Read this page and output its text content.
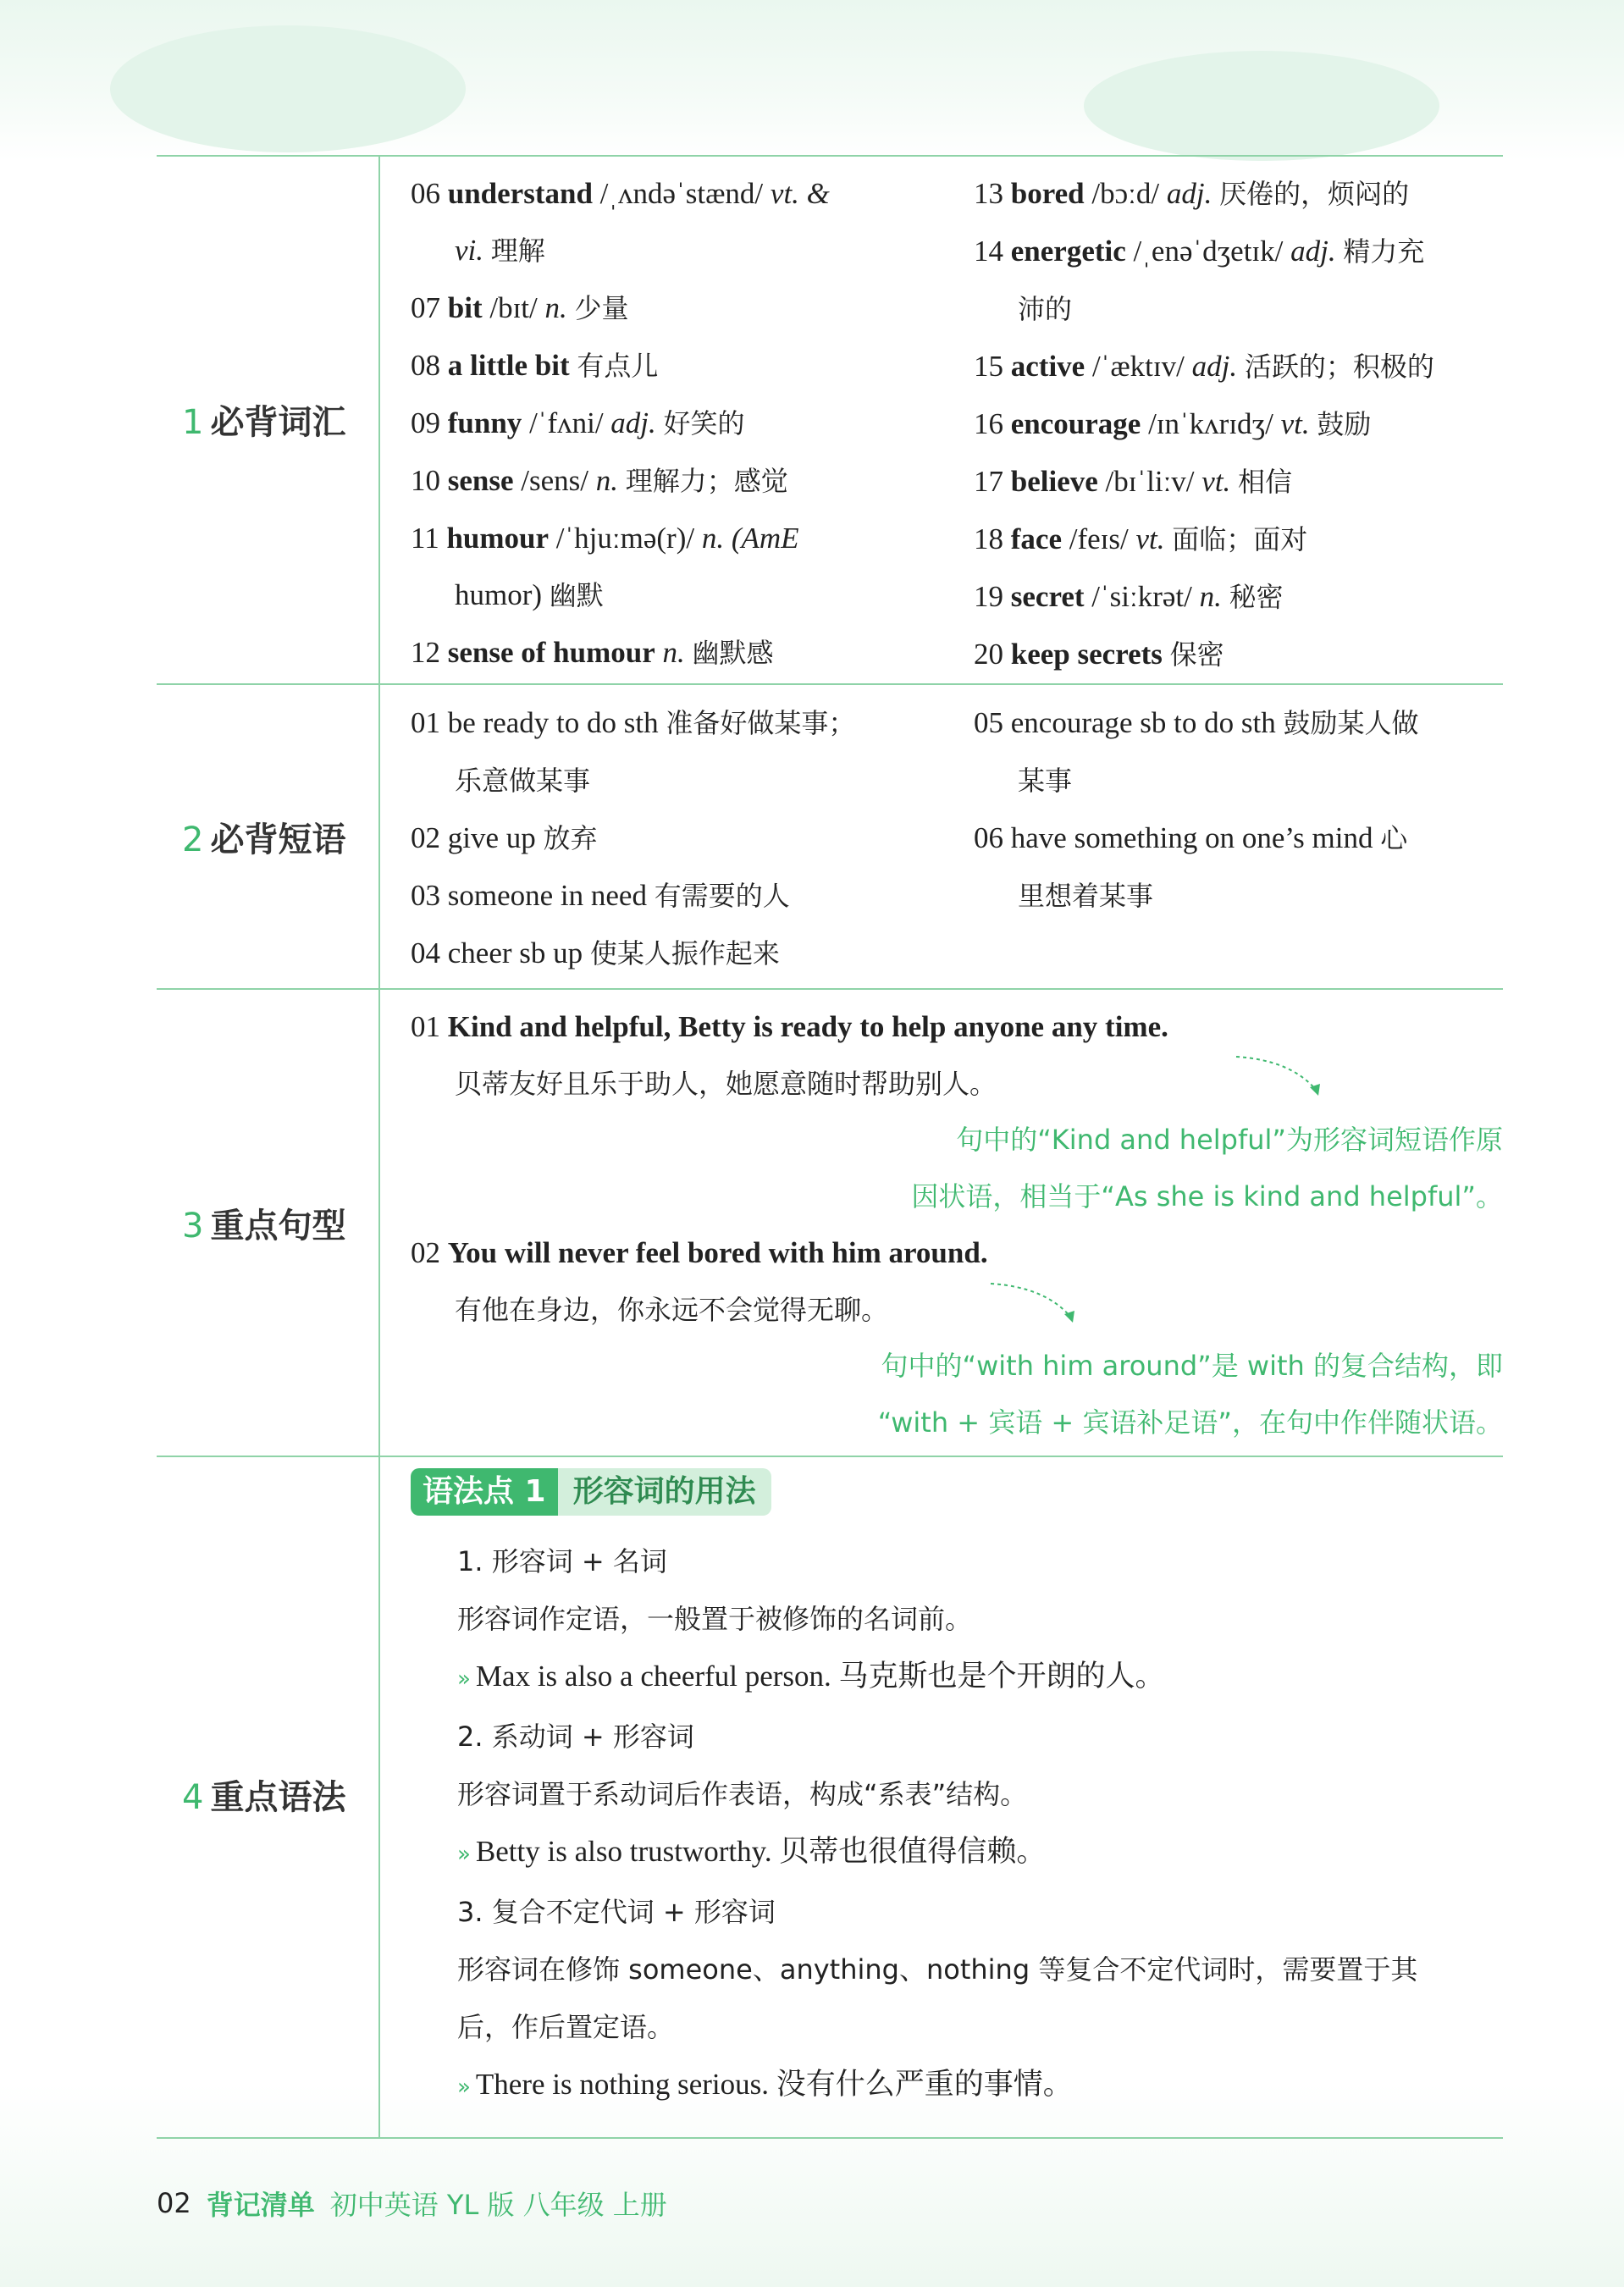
1 必背词汇
2 必背短语
3 重点句型
4 重点语法
06 understand /ˌʌndəˈstænd/ vt. &
vi. 理解
07 bit /bɪt/ n. 少量
08 a little bit 有点儿
09 funny /ˈfʌni/ adj. 好笑的
10 sense /sens/ n. 理解力；感觉
11 humour /ˈhjuːmə(r)/ n. (AmE
humor) 幽默
12 sense of humour n. 幽默感
13 bored /bɔːd/ adj. 厌倦的，烦闷的
14 energetic /ˌenəˈdʒetɪk/ adj. 精力充
沛的
15 active /ˈæktɪv/ adj. 活跃的；积极的
16 encourage /ɪnˈkʌrɪdʒ/ vt. 鼓励
17 believe /bɪˈliːv/ vt. 相信
18 face /feɪs/ vt. 面临；面对
19 secret /ˈsiːkrət/ n. 秘密
20 keep secrets 保密
01 be ready to do sth 准备好做某事；
乐意做某事
02 give up 放弃
03 someone in need 有需要的人
04 cheer sb up 使某人振作起来
05 encourage sb to do sth 鼓励某人做
某事
06 have something on one’s mind 心
里想着某事
01 Kind and helpful, Betty is ready to help anyone any time.
贝蒂友好且乐于助人，她愿意随时帮助别人。
句中的“Kind and helpful”为形容词短语作原
因状语，相当于“As she is kind and helpful”。
02 You will never feel bored with him around.
有他在身边，你永远不会觉得无聊。
句中的“with him around”是 with 的复合结构，即
“with + 宾语 + 宾语补足语”，在句中作伴随状语。
语法点 1 形容词的用法
1. 形容词 + 名词
形容词作定语，一般置于被修饰的名词前。
» Max is also a cheerful person. 马克斯也是个开朗的人。
2. 系动词 + 形容词
形容词置于系动词后作表语，构成“系表”结构。
» Betty is also trustworthy. 贝蒂也很值得信赖。
3. 复合不定代词 + 形容词
形容词在修饰 someone、anything、nothing 等复合不定代词时，需要置于其
后，作后置定语。
» There is nothing serious. 没有什么严重的事情。
02 背记清单 初中英语 YL 版 八年级 上册
